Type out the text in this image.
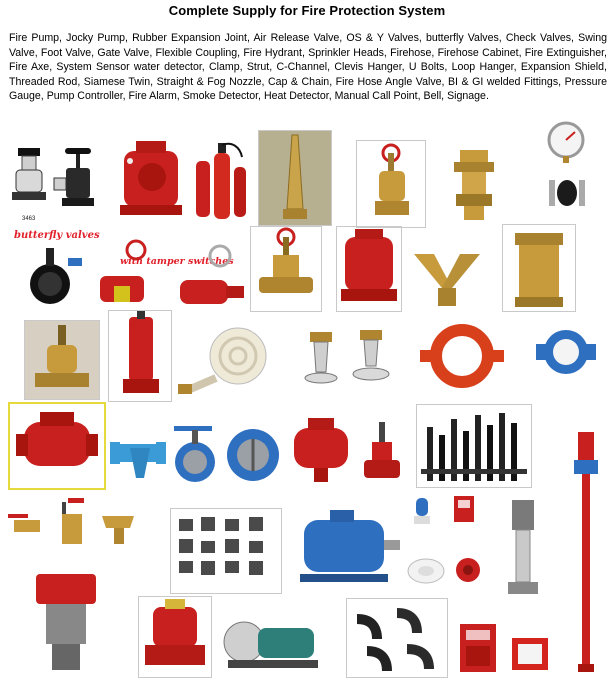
Complete Supply for Fire Protection System
Fire Pump, Jocky Pump, Rubber Expansion Joint, Air Release Valve, OS & Y Valves, butterfly Valves, Check Valves, Swing Valve, Foot Valve, Gate Valve, Flexible Coupling, Fire Hydrant, Sprinkler Heads, Firehose, Firehose Cabinet, Fire Extinguisher, Fire Axe, System Sensor water detector, Clamp, Strut, C-Channel, Clevis Hanger, U Bolts, Loop Hanger, Expansion Shield, Threaded Rod, Siamese Twin, Straight & Fog Nozzle, Cap & Chain, Fire Hose Angle Valve, BI & GI welded Fittings, Pressure Gauge, Pump Controller, Fire Alarm, Smoke Detector, Heat Detector, Manual Call Point, Bell, Signage.
3463
butterfly valves
with tamper switches
